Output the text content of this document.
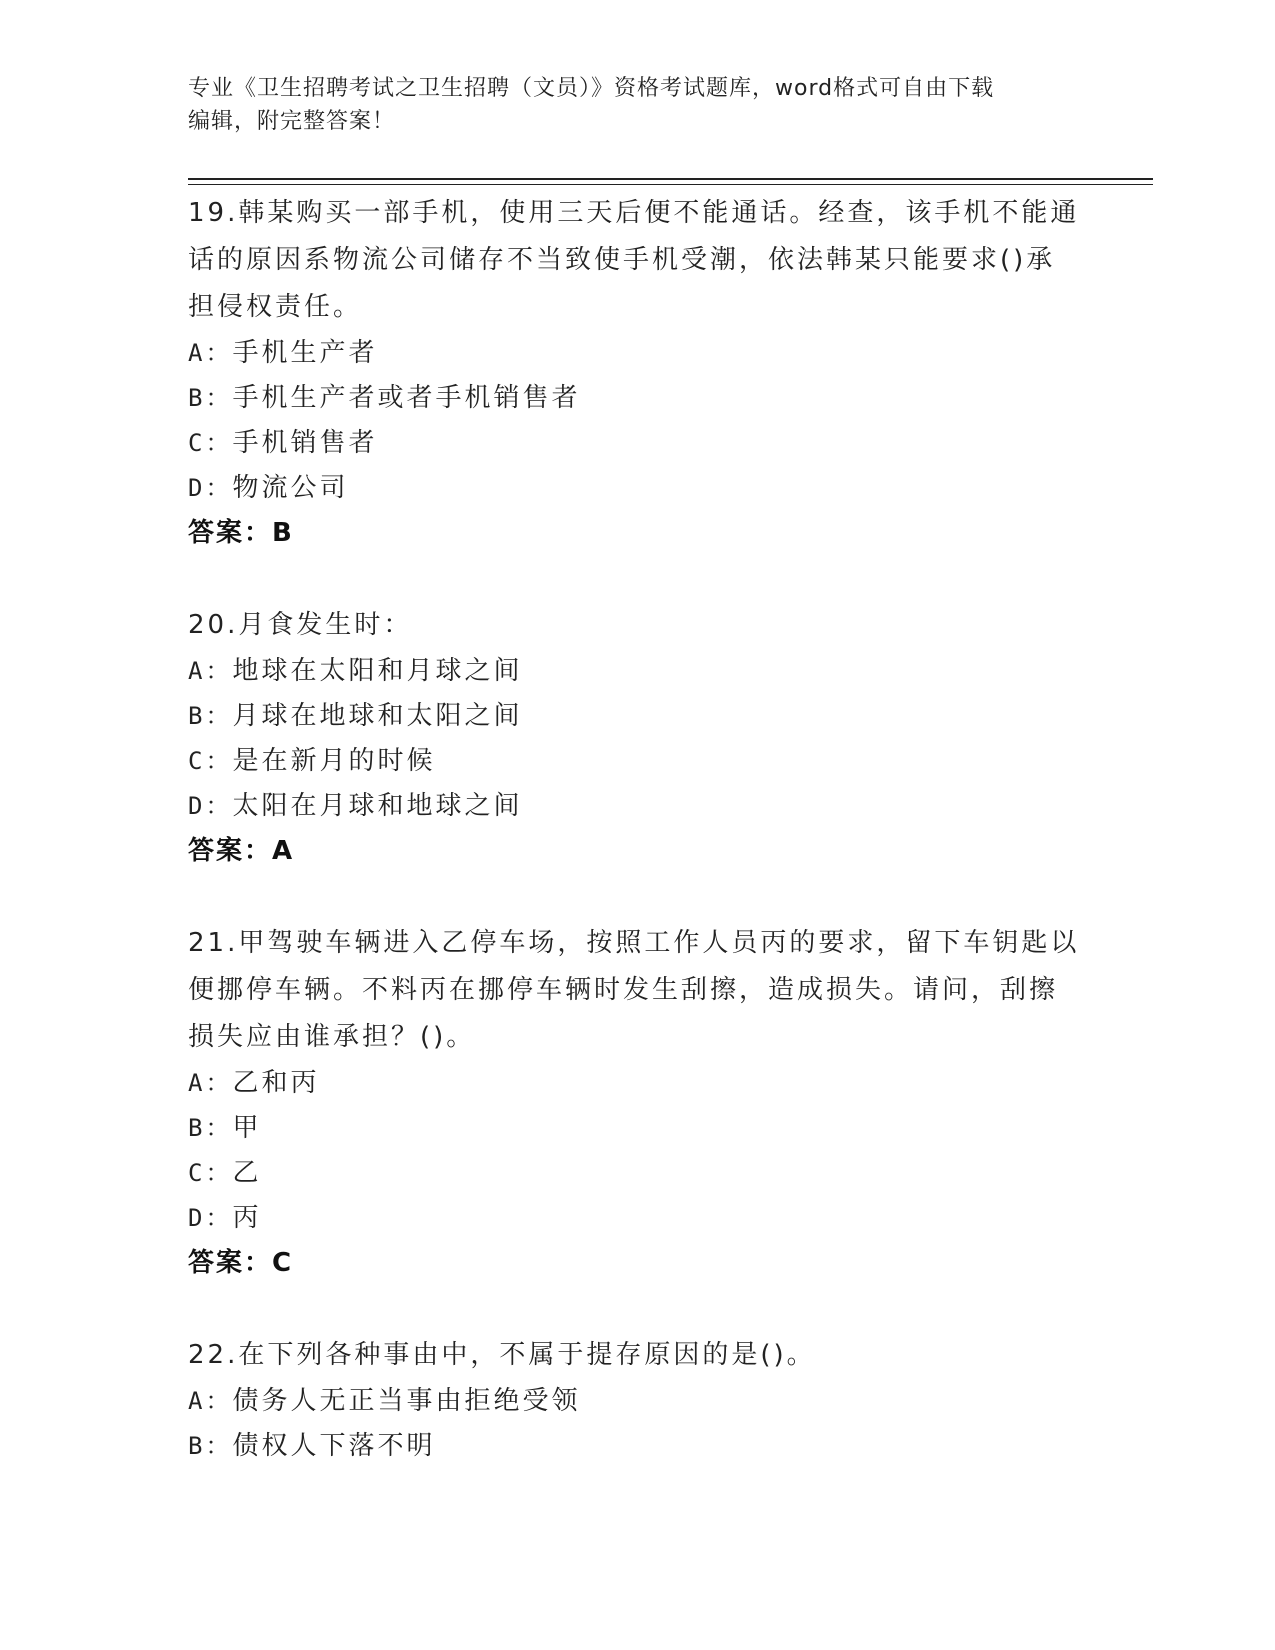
专业《卫生招聘考试之卫生招聘（文员）》资格考试题库，word格式可自由下载
编辑，附完整答案！
19.韩某购买一部手机，使用三天后便不能通话。经查，该手机不能通
话的原因系物流公司储存不当致使手机受潮，依法韩某只能要求()承
担侵权责任。
A：手机生产者
B：手机生产者或者手机销售者
C：手机销售者
D：物流公司
答案：B
20.月食发生时：
A：地球在太阳和月球之间
B：月球在地球和太阳之间
C：是在新月的时候
D：太阳在月球和地球之间
答案：A
21.甲驾驶车辆进入乙停车场，按照工作人员丙的要求，留下车钥匙以
便挪停车辆。不料丙在挪停车辆时发生刮擦，造成损失。请问，刮擦
损失应由谁承担？()。
A：乙和丙
B：甲
C：乙
D：丙
答案：C
22.在下列各种事由中，不属于提存原因的是()。
A：债务人无正当事由拒绝受领
B：债权人下落不明
